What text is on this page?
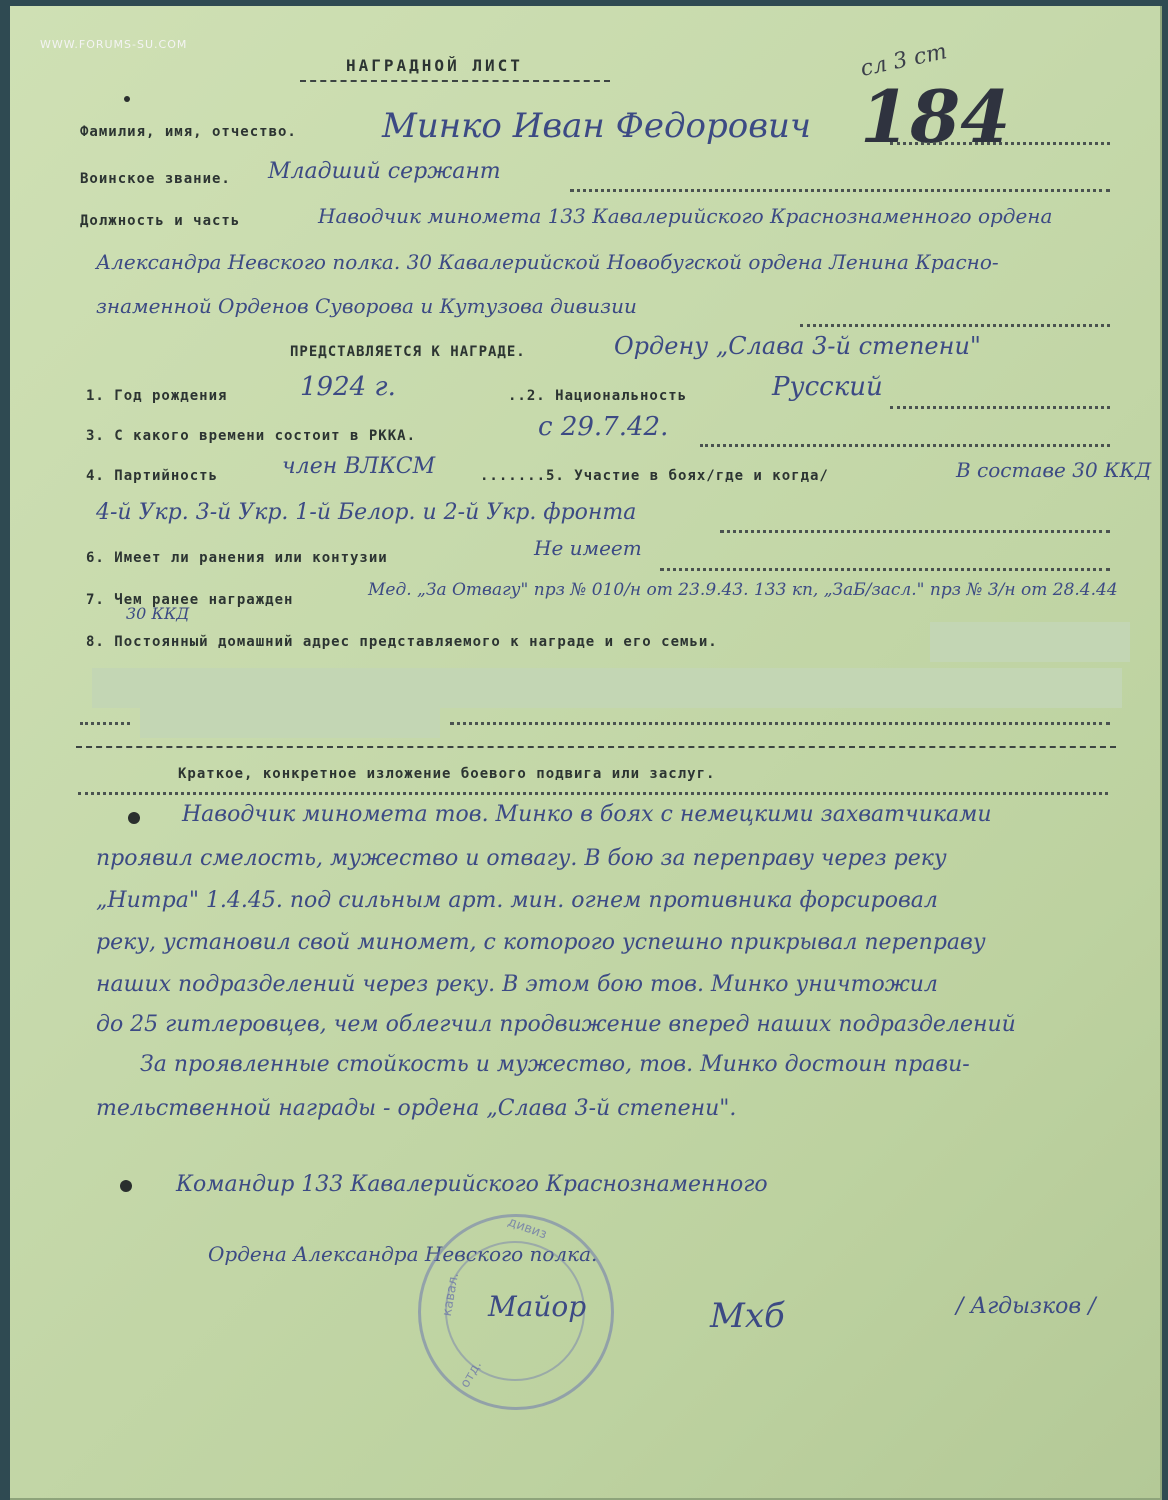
WWW.FORUMS-SU.COM
НАГРАДНОЙ ЛИСТ	сл 3 ст
184
Фамилия, имя, отчество.	Минко Иван Федорович
Воинское звание. Младший сержант
Должность и часть	Наводчик миномета 133 Кавалерийского Краснознаменного ордена
Александра Невского полка. 30 Кавалерийской Новобугской ордена Ленина Красно-
знаменной Орденов Суворова и Кутузова дивизии
ПРЕДСТАВЛЯЕТСЯ К НАГРАДЕ.	Ордену „Слава 3-й степени"
1. Год рождения	1924 г.	..2. Национальность	Русский
3. С какого времени состоит в РККА.	с 29.7.42.
4. Партийность	член ВЛКСМ	.......5. Участие в боях/где и когда/	В составе 30 ККД
4-й Укр. 3-й Укр. 1-й Белор. и 2-й Укр. фронта
6. Имеет ли ранения или контузии	Не имеет
7. Чем ранее награжден	Мед. „За Отвагу" прз № 010/н от 23.9.43. 133 кп, „ЗаБ/засл." прз № 3/н от 28.4.44
30 ККД
8. Постоянный домашний адрес представляемого к награде и его семьи.
Краткое, конкретное изложение боевого подвига или заслуг.
Наводчик миномета тов. Минко в боях с немецкими захватчиками
проявил смелость, мужество и отвагу. В бою за переправу через реку
„Нитра" 1.4.45. под сильным арт. мин. огнем противника форсировал
реку, установил свой миномет, с которого успешно прикрывал переправу
наших подразделений через реку. В этом бою тов. Минко уничтожил
до 25 гитлеровцев, чем облегчил продвижение вперед наших подразделений
За проявленные стойкость и мужество, тов. Минко достоин прави-
тельственной награды - ордена „Слава 3-й степени".
Командир 133 Кавалерийского Краснознаменного
Ордена Александра Невского полка.
дивиз
отд.
кавал. Майор	Мхб	/ Агдызков /
